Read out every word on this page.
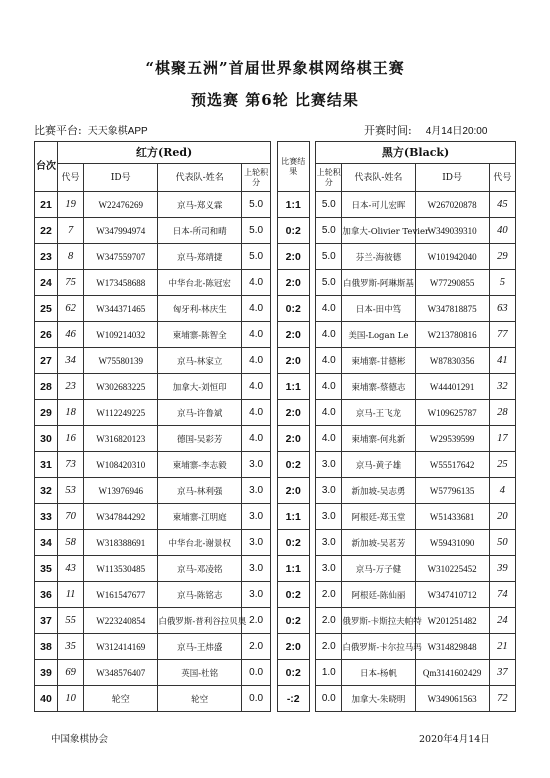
“棋聚五洲”首届世界象棋网络棋王赛
预选赛 第6轮 比赛结果
比赛平台: 天天象棋APP	开赛时间: 4月14日20:00
台次	红方(Red)					比赛结果		黑方(Black)			
	代号	ID号	代表队-姓名	上轮积分				上轮积分	代表队-姓名	ID号	代号
21	19	W22476269	京马-郑义霖	5.0		1:1		5.0	日本-可儿宏晖	W267020878	45
22	7	W347994974	日本-所司和晴	5.0		0:2		5.0	加拿大-Olivier Tevier	W349039310	40
23	8	W347559707	京马-郑靖捷	5.0		2:0		5.0	芬兰-海彼德	W101942040	29
24	75	W173458688	中华台北-陈冠宏	4.0		2:0		5.0	白俄罗斯-阿琳斯基	W77290855	5
25	62	W344371465	匈牙利-林庆生	4.0		0:2		4.0	日本-田中笃	W347818875	63
26	46	W109214032	柬埔寨-陈智全	4.0		2:0		4.0	美国-Logan Le	W213780816	77
27	34	W75580139	京马-林家立	4.0		2:0		4.0	柬埔寨-甘德彬	W87830356	41
28	23	W302683225	加拿大-刘恒印	4.0		1:1		4.0	柬埔寨-蔡德志	W44401291	32
29	18	W112249225	京马-许鲁斌	4.0		2:0		4.0	京马-王飞龙	W109625787	28
30	16	W316820123	德国-吴彩芳	4.0		2:0		4.0	柬埔寨-何兆新	W29539599	17
31	73	W108420310	柬埔寨-李志毅	3.0		0:2		3.0	京马-黄子雄	W55517642	25
32	53	W13976946	京马-林利强	3.0		2:0		3.0	新加坡-吴志勇	W57796135	4
33	70	W347844292	柬埔寨-江明庭	3.0		1:1		3.0	阿根廷-郑玉堂	W51433681	20
34	58	W318388691	中华台北-谢景权	3.0		0:2		3.0	新加坡-吴茗芳	W59431090	50
35	43	W113530485	京马-邓凌铭	3.0		1:1		3.0	京马-万子健	W310225452	39
36	11	W161547677	京马-陈铭志	3.0		0:2		2.0	阿根廷-陈仙丽	W347410712	74
37	55	W223240854	白俄罗斯-普利谷拉贝奥	2.0		0:2		2.0	俄罗斯-卡斯拉夫帕特	W201251482	24
38	35	W312414169	京马-王炜盛	2.0		2:0		2.0	白俄罗斯-卡尔拉马玛	W314829848	21
39	69	W348576407	英国-杜铭	0.0		0:2		1.0	日本-杨帆	Qm3141602429	37
40	10	轮空	轮空	0.0		-:2		0.0	加拿大-朱晓明	W349061563	72
中国象棋协会	2020年4月14日
